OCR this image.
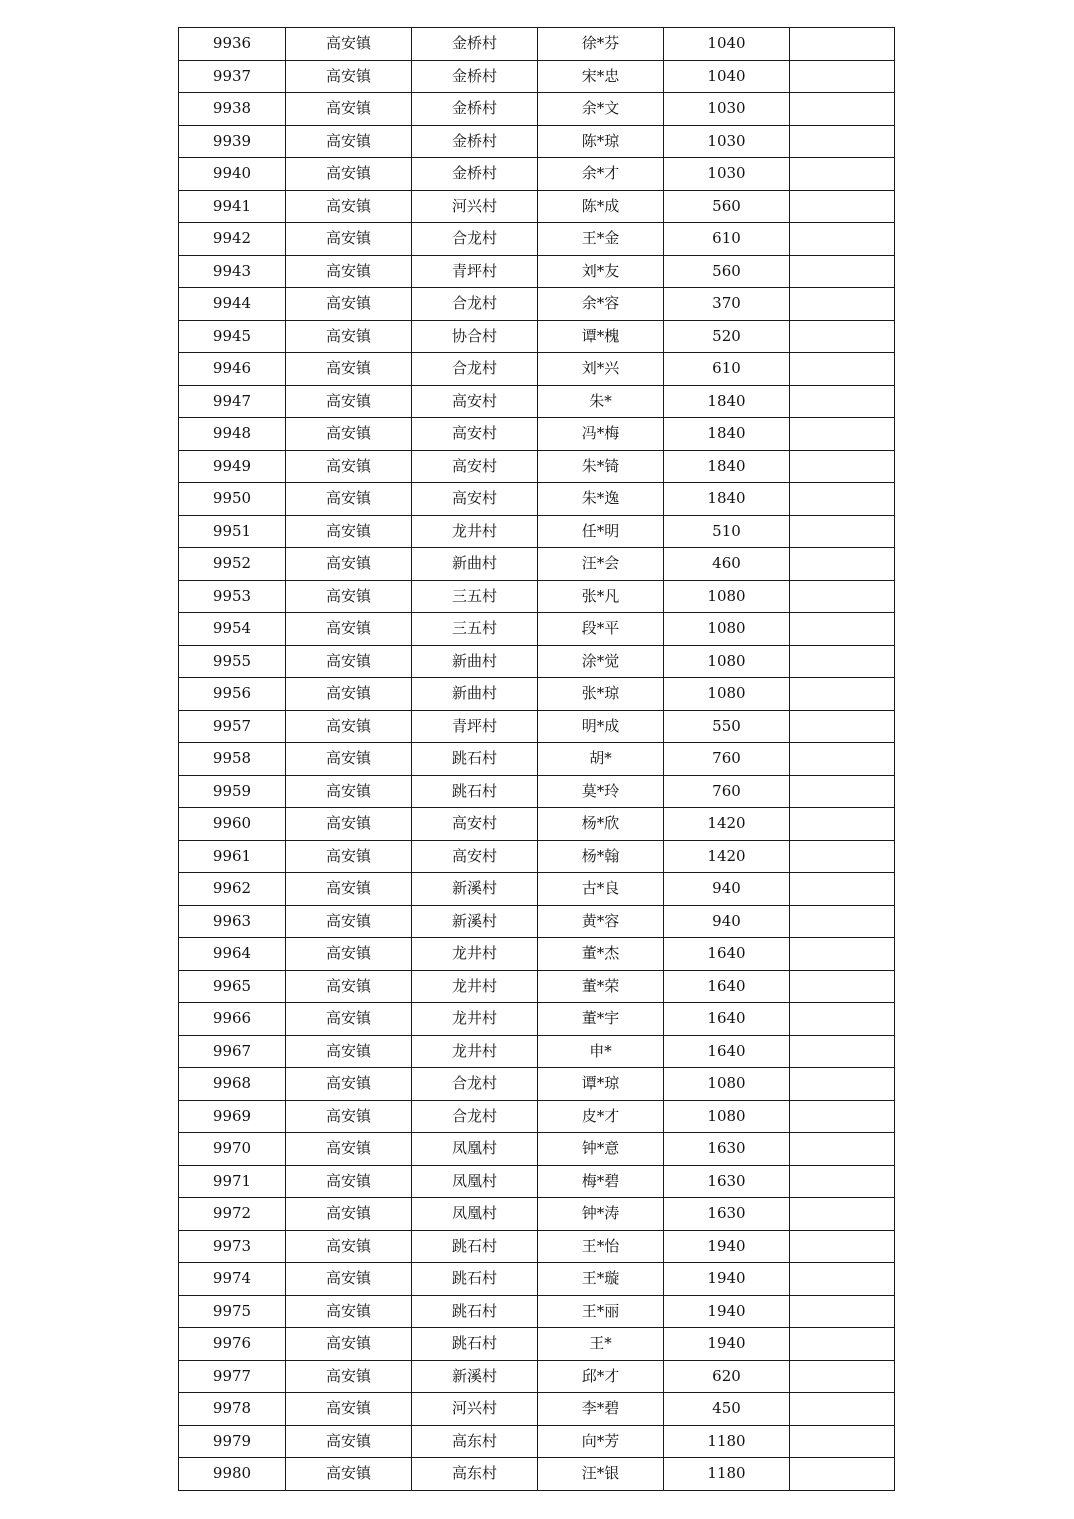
9936	高安镇	金桥村	徐*芬	1040	
9937	高安镇	金桥村	宋*忠	1040	
9938	高安镇	金桥村	余*文	1030	
9939	高安镇	金桥村	陈*琼	1030	
9940	高安镇	金桥村	余*才	1030	
9941	高安镇	河兴村	陈*成	560	
9942	高安镇	合龙村	王*金	610	
9943	高安镇	青坪村	刘*友	560	
9944	高安镇	合龙村	余*容	370	
9945	高安镇	协合村	谭*槐	520	
9946	高安镇	合龙村	刘*兴	610	
9947	高安镇	高安村	朱*	1840	
9948	高安镇	高安村	冯*梅	1840	
9949	高安镇	高安村	朱*锜	1840	
9950	高安镇	高安村	朱*逸	1840	
9951	高安镇	龙井村	任*明	510	
9952	高安镇	新曲村	汪*会	460	
9953	高安镇	三五村	张*凡	1080	
9954	高安镇	三五村	段*平	1080	
9955	高安镇	新曲村	涂*觉	1080	
9956	高安镇	新曲村	张*琼	1080	
9957	高安镇	青坪村	明*成	550	
9958	高安镇	跳石村	胡*	760	
9959	高安镇	跳石村	莫*玲	760	
9960	高安镇	高安村	杨*欣	1420	
9961	高安镇	高安村	杨*翰	1420	
9962	高安镇	新溪村	古*良	940	
9963	高安镇	新溪村	黄*容	940	
9964	高安镇	龙井村	董*杰	1640	
9965	高安镇	龙井村	董*荣	1640	
9966	高安镇	龙井村	董*宇	1640	
9967	高安镇	龙井村	申*	1640	
9968	高安镇	合龙村	谭*琼	1080	
9969	高安镇	合龙村	皮*才	1080	
9970	高安镇	凤凰村	钟*意	1630	
9971	高安镇	凤凰村	梅*碧	1630	
9972	高安镇	凤凰村	钟*涛	1630	
9973	高安镇	跳石村	王*怡	1940	
9974	高安镇	跳石村	王*璇	1940	
9975	高安镇	跳石村	王*丽	1940	
9976	高安镇	跳石村	王*	1940	
9977	高安镇	新溪村	邱*才	620	
9978	高安镇	河兴村	李*碧	450	
9979	高安镇	高东村	向*芳	1180	
9980	高安镇	高东村	汪*银	1180	
